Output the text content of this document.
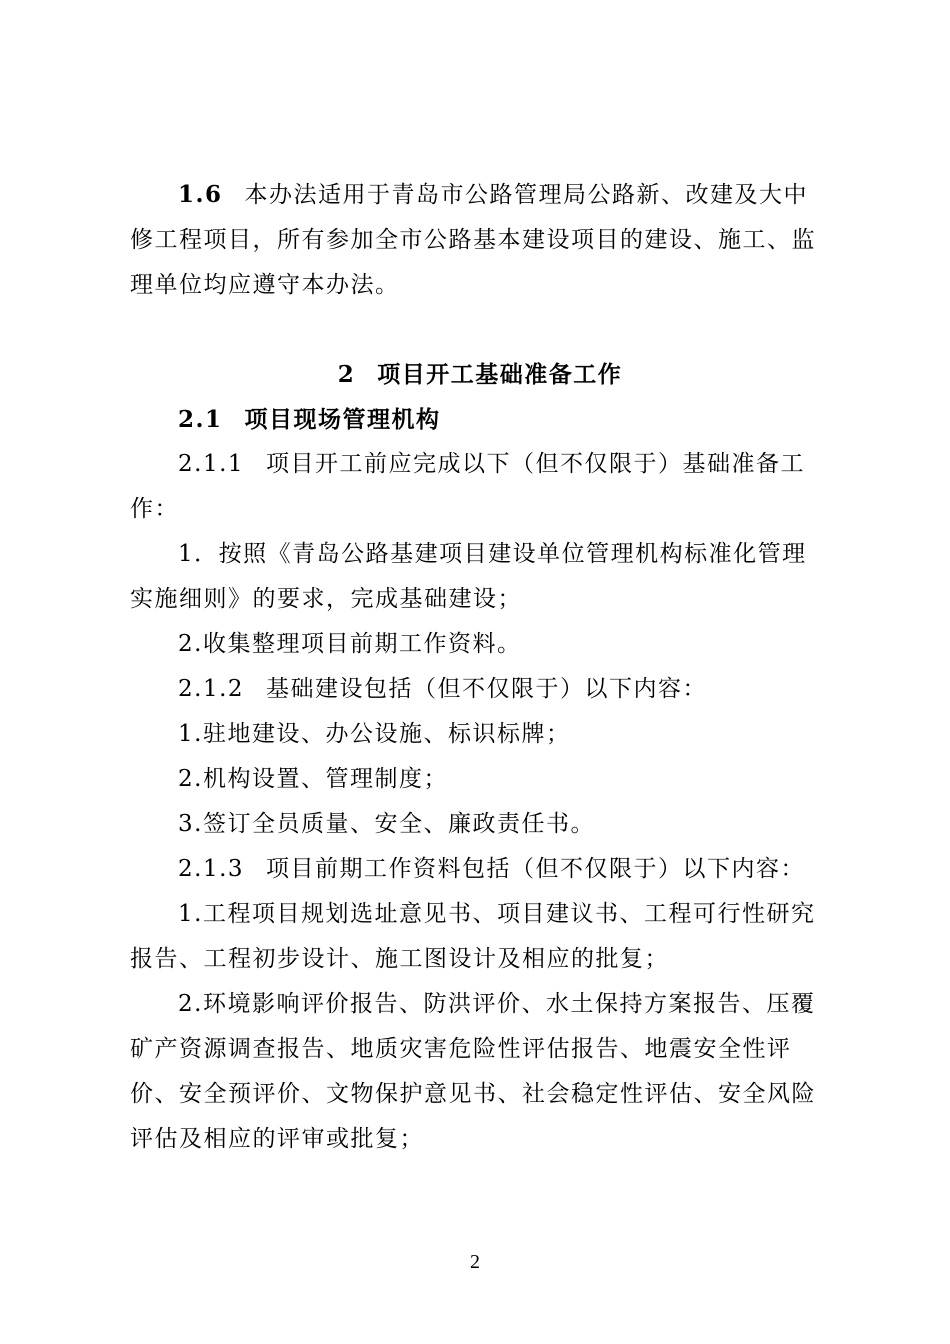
1.6 本办法适用于青岛市公路管理局公路新、改建及大中修工程项目，所有参加全市公路基本建设项目的建设、施工、监理单位均应遵守本办法。
2 项目开工基础准备工作
2.1 项目现场管理机构
2.1.1 项目开工前应完成以下（但不仅限于）基础准备工作：
1．按照《青岛公路基建项目建设单位管理机构标准化管理实施细则》的要求，完成基础建设；
2.收集整理项目前期工作资料。
2.1.2 基础建设包括（但不仅限于）以下内容：
1.驻地建设、办公设施、标识标牌；
2.机构设置、管理制度；
3.签订全员质量、安全、廉政责任书。
2.1.3 项目前期工作资料包括（但不仅限于）以下内容：
1.工程项目规划选址意见书、项目建议书、工程可行性研究报告、工程初步设计、施工图设计及相应的批复；
2.环境影响评价报告、防洪评价、水土保持方案报告、压覆矿产资源调查报告、地质灾害危险性评估报告、地震安全性评价、安全预评价、文物保护意见书、社会稳定性评估、安全风险评估及相应的评审或批复；
2
